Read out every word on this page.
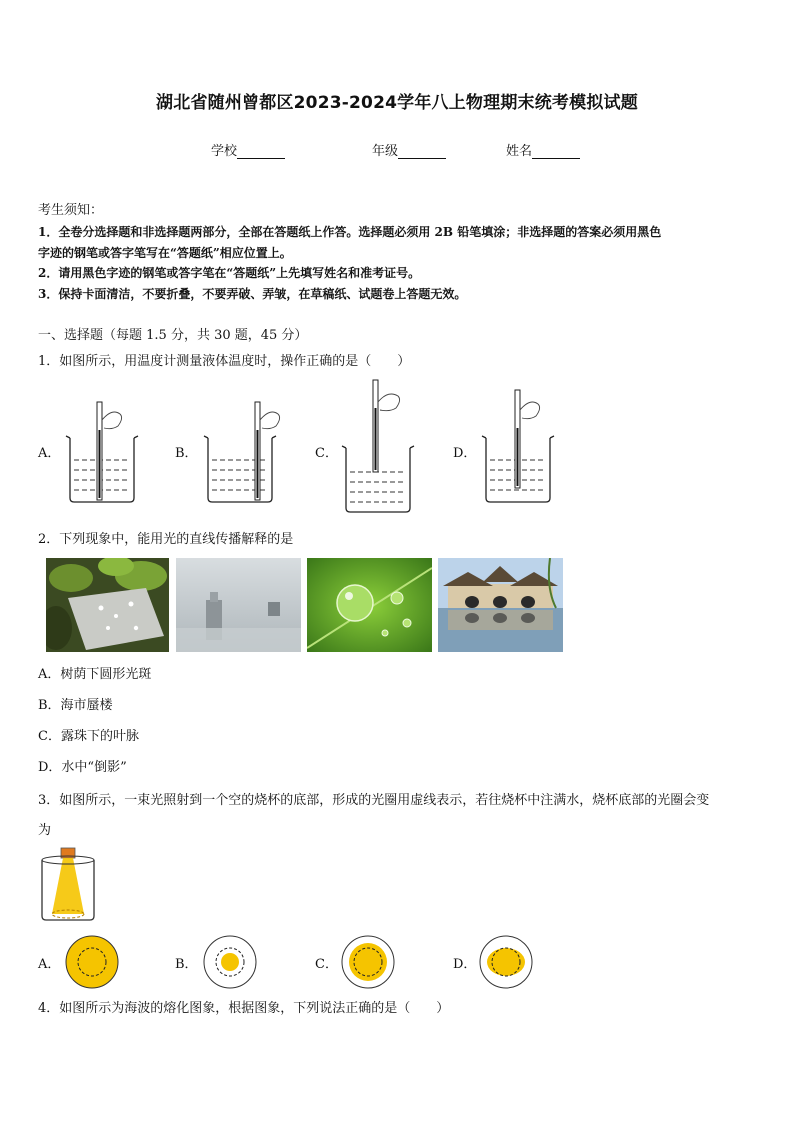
湖北省随州曾都区2023-2024学年八上物理期末统考模拟试题
学校	年级	姓名
考生须知：
1．全卷分选择题和非选择题两部分，全部在答题纸上作答。选择题必须用 2B 铅笔填涂；非选择题的答案必须用黑色
字迹的钢笔或答字笔写在“答题纸”相应位置上。
2．请用黑色字迹的钢笔或答字笔在“答题纸”上先填写姓名和准考证号。
3．保持卡面清洁，不要折叠，不要弄破、弄皱，在草稿纸、试题卷上答题无效。
一、选择题（每题 1.5 分，共 30 题，45 分）
1．如图所示，用温度计测量液体温度时，操作正确的是（　　）
A．	B．	C．	D．
2．下列现象中，能用光的直线传播解释的是
A．树荫下圆形光斑
B．海市蜃楼
C．露珠下的叶脉
D．水中“倒影”
3．如图所示，一束光照射到一个空的烧杯的底部，形成的光圈用虚线表示，若往烧杯中注满水，烧杯底部的光圈会变
为
A．	B．	C．	D．
4．如图所示为海波的熔化图象，根据图象，下列说法正确的是（　　）
